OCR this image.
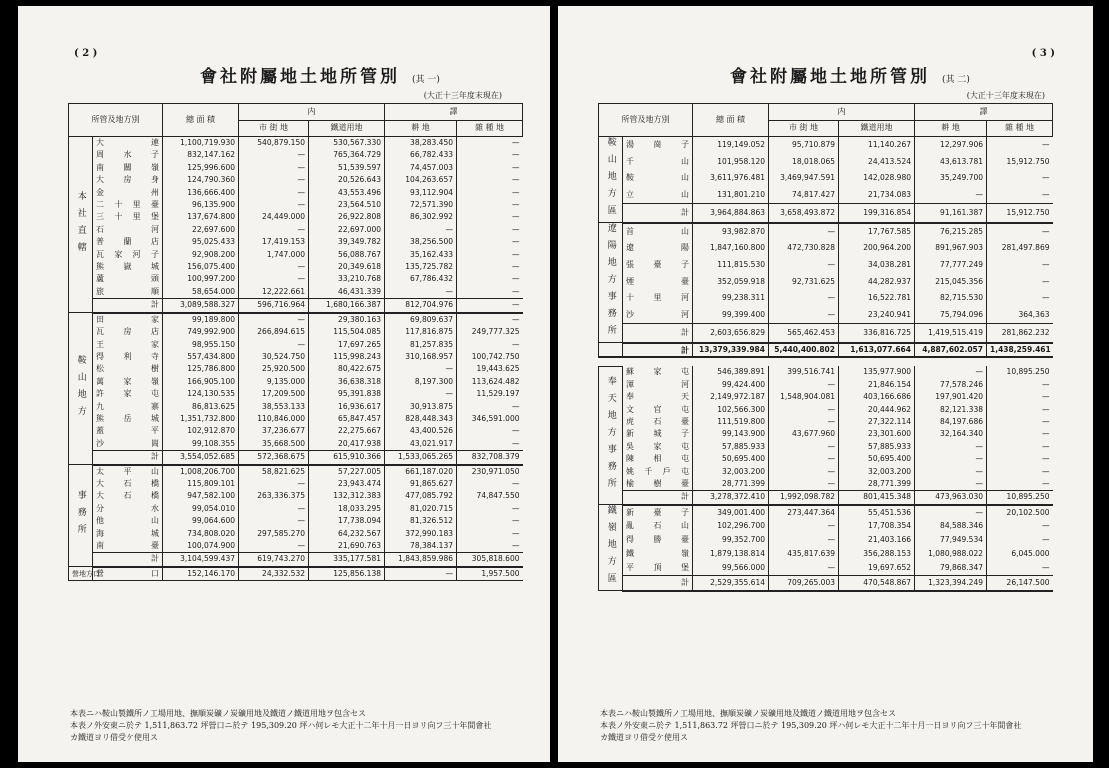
( 2 )
會社附屬地土地所管別 (其 一)
(大正十三年度末現在)
所管及地方別		總 面 積	内		譯	
			市 街 地	鐵道用地	耕 地	雜 種 地
本社直轄	大連	1,100,719.930	540,879.150	530,567.330	38,283.450	—
	周水子	832,147.162	—	765,364.729	66,782.433	—
	南關嶺	125,996.600	—	51,539.597	74,457.003	—
	大房身	124,790.360	—	20,526.643	104,263.657	—
	金州	136,666.400	—	43,553.496	93,112.904	—
	二十里臺	96,135.900	—	23,564.510	72,571.390	—
	三十里堡	137,674.800	24,449.000	26,922.808	86,302.992	—
	石河	22,697.600	—	22,697.000	—	—
	普蘭店	95,025.433	17,419.153	39,349.782	38,256.500	—
	瓦家河子	92,908.200	1,747.000	56,088.767	35,162.433	—
	熊嶽城	156,075.400	—	20,349.618	135,725.782	—
	蘆頭	100,997.200	—	33,210.768	67,786.432	—
	旅順	58,654.000	12,222.661	46,431.339	—	—
	計	3,089,588.327	596,716.964	1,680,166.387	812,704.976	—
鞍山地方	田家	99,189.800	—	29,380.163	69,809.637	—
	瓦房店	749,992.900	266,894.615	115,504.085	117,816.875	249,777.325
	王家	98,955.150	—	17,697.265	81,257.835	—
	得利寺	557,434.800	30,524.750	115,998.243	310,168.957	100,742.750
	松樹	125,786.800	25,920.500	80,422.675	—	19,443.625
	萬家嶺	166,905.100	9,135.000	36,638.318	8,197.300	113,624.482
	許家屯	124,130.535	17,209.500	95,391.838	—	11,529.197
	九寨	86,813.625	38,553.133	16,936.617	30,913.875	—
	熊岳城	1,351,732.800	110,846.000	65,847.457	828,448.343	346,591.000
	蓋平	102,912.870	37,236.677	22,275.667	43,400.526	—
	沙崗	99,108.355	35,668.500	20,417.938	43,021.917	—
	計	3,554,052.685	572,368.675	615,910.366	1,533,065.265	832,708.379
事務所	太平山	1,008,206.700	58,821.625	57,227.005	661,187.020	230,971.050
	大石橋	115,809.101	—	23,943.474	91,865.627	—
	大石橋	947,582.100	263,336.375	132,312.383	477,085.792	74,847.550
	分水	99,054.010	—	18,033.295	81,020.715	—
	他山	99,064.600	—	17,738.094	81,326.512	—
	海城	734,808.020	297,585.270	64,232.567	372,990.183	—
	南臺	100,074.900	—	21,690.763	78,384.137	—
	計	3,104,599.437	619,743.270	335,177.581	1,843,859.986	305,818.600
營地方口	營口	152,146.170	24,332.532	125,856.138	—	1,957.500
本表ニハ鞍山製鐵所ノ工場用地、撫順炭礦ノ炭礦用地及鐵道ノ鐵道用地ヲ包含セス
本表ノ外安東ニ於テ 1,511,863.72 坪營口ニ於テ 195,309.20 坪ハ何レモ大正十二年十月一日ヨリ向フ三十年間會社
カ鐵道ヨリ借受ケ使用ス
( 3 )
會社附屬地土地所管別 (其 二)
(大正十三年度末現在)
所管及地方別		總 面 積	内		譯	
			市 街 地	鐵道用地	耕 地	雜 種 地
鞍山地方區	湯崗子	119,149.052	95,710.879	11,140.267	12,297.906	—
	千山	101,958.120	18,018.065	24,413.524	43,613.781	15,912.750
	鞍山	3,611,976.481	3,469,947.591	142,028.980	35,249.700	—
	立山	131,801.210	74,817.427	21,734.083	—	—
	計	3,964,884.863	3,658,493.872	199,316.854	91,161.387	15,912.750
遼陽地方事務所	首山	93,982.870	—	17,767.585	76,215.285	—
	遼陽	1,847,160.800	472,730.828	200,964.200	891,967.903	281,497.869
	張臺子	111,815.530	—	34,038.281	77,777.249	—
	煙臺	352,059.918	92,731.625	44,282.937	215,045.356	—
	十里河	99,238.311	—	16,522.781	82,715.530	—
	沙河	99,399.400	—	23,240.941	75,794.096	364,363
	計	2,603,656.829	565,462.453	336,816.725	1,419,515.419	281,862.232
	計	13,379,339.984	5,440,400.802	1,613,077.664	4,887,602.057	1,438,259.461

奉天地方事務所	蘇家屯	546,389.891	399,516.741	135,977.900	—	10,895.250
	渾河	99,424.400	—	21,846.154	77,578.246	—
	奉天	2,149,972.187	1,548,904.081	403,166.686	197,901.420	—
	文官屯	102,566.300	—	20,444.962	82,121.338	—
	虎石臺	111,519.800	—	27,322.114	84,197.686	—
	新城子	99,143.900	43,677.960	23,301.600	32,164.340	—
	吳家屯	57,885.933	—	57,885.933	—	—
	陳相屯	50,695.400	—	50,695.400	—	—
	姚千戶屯	32,003.200	—	32,003.200	—	—
	榆樹臺	28,771.399	—	28,771.399	—	—
	計	3,278,372.410	1,992,098.782	801,415.348	473,963.030	10,895.250
鐵嶺地方區	新臺子	349,001.400	273,447.364	55,451.536	—	20,102.500
	亂石山	102,296.700	—	17,708.354	84,588.346	—
	得勝臺	99,352.700	—	21,403.166	77,949.534	—
	鐵嶺	1,879,138.814	435,817.639	356,288.153	1,080,988.022	6,045.000
	平頂堡	99,566.000	—	19,697.652	79,868.347	—
	計	2,529,355.614	709,265.003	470,548.867	1,323,394.249	26,147.500
本表ニハ鞍山製鐵所ノ工場用地、撫順炭礦ノ炭礦用地及鐵道ノ鐵道用地ヲ包含セス
本表ノ外安東ニ於テ 1,511,863.72 坪營口ニ於テ 195,309.20 坪ハ何レモ大正十二年十月一日ヨリ向フ三十年間會社
カ鐵道ヨリ借受ケ使用ス
